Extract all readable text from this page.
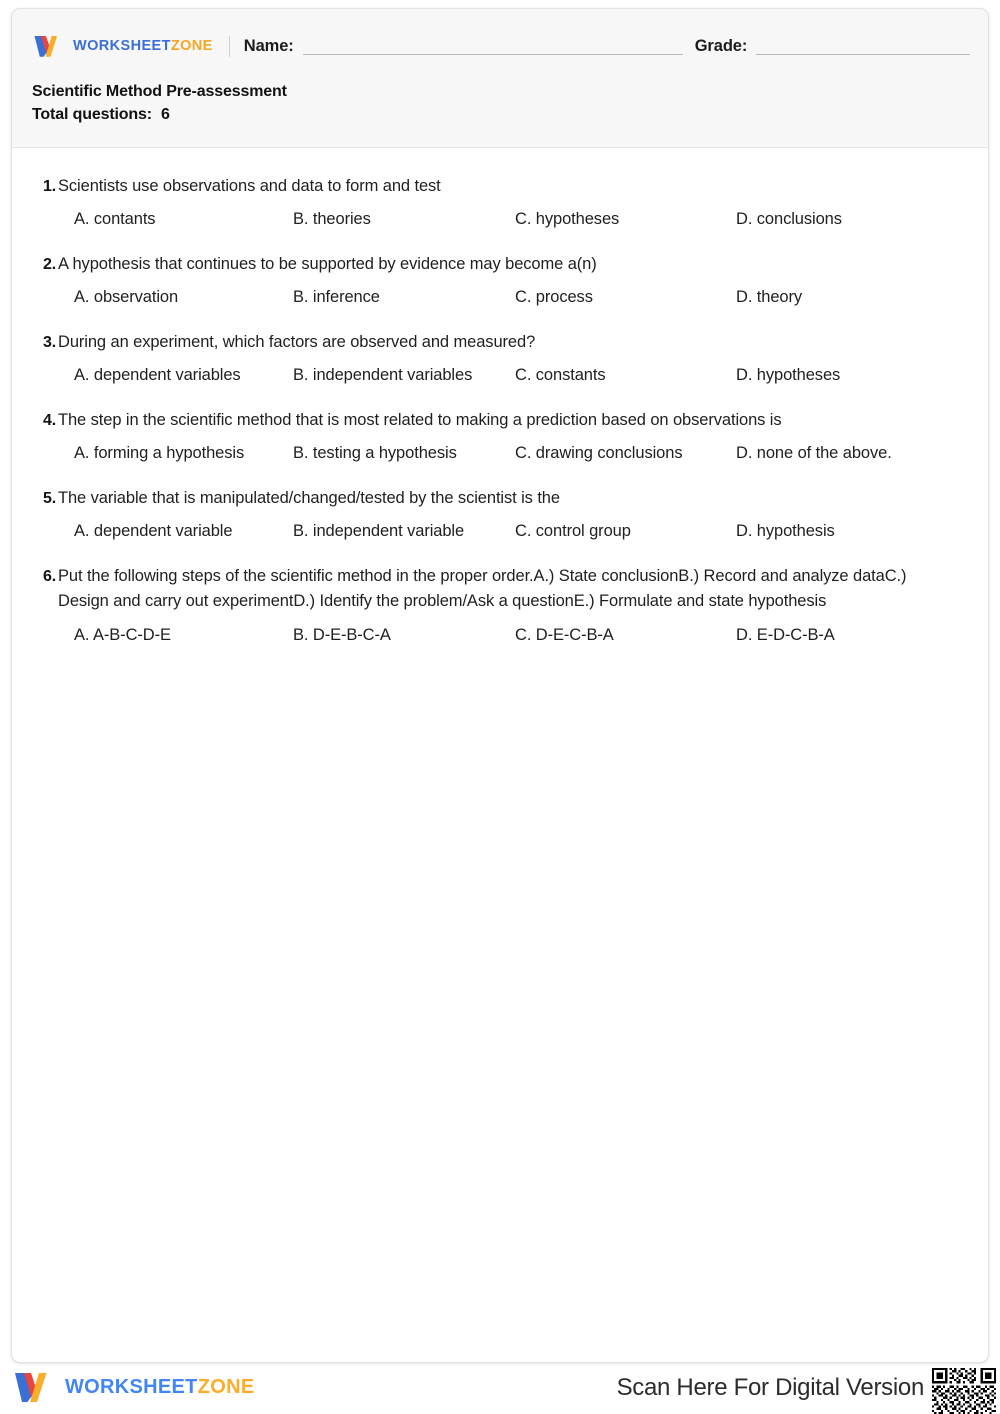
WORKSHEETZONE Name:	Grade:
Scientific Method Pre-assessment
Total questions: 6
1. Scientists use observations and data to form and test
A. contants	B. theories	C. hypotheses	D. conclusions
2. A hypothesis that continues to be supported by evidence may become a(n)
A. observation	B. inference	C. process	D. theory
3. During an experiment, which factors are observed and measured?
A. dependent variables	B. independent variables	C. constants	D. hypotheses
4. The step in the scientific method that is most related to making a prediction based on observations is
A. forming a hypothesis	B. testing a hypothesis	C. drawing conclusions	D. none of the above.
5. The variable that is manipulated/changed/tested by the scientist is the
A. dependent variable	B. independent variable	C. control group	D. hypothesis
6. Put the following steps of the scientific method in the proper order.A.) State conclusionB.) Record and analyze dataC.) Design and carry out experimentD.) Identify the problem/Ask a questionE.) Formulate and state hypothesis
A. A-B-C-D-E	B. D-E-B-C-A	C. D-E-C-B-A	D. E-D-C-B-A
WORKSHEETZONE	Scan Here For Digital Version
